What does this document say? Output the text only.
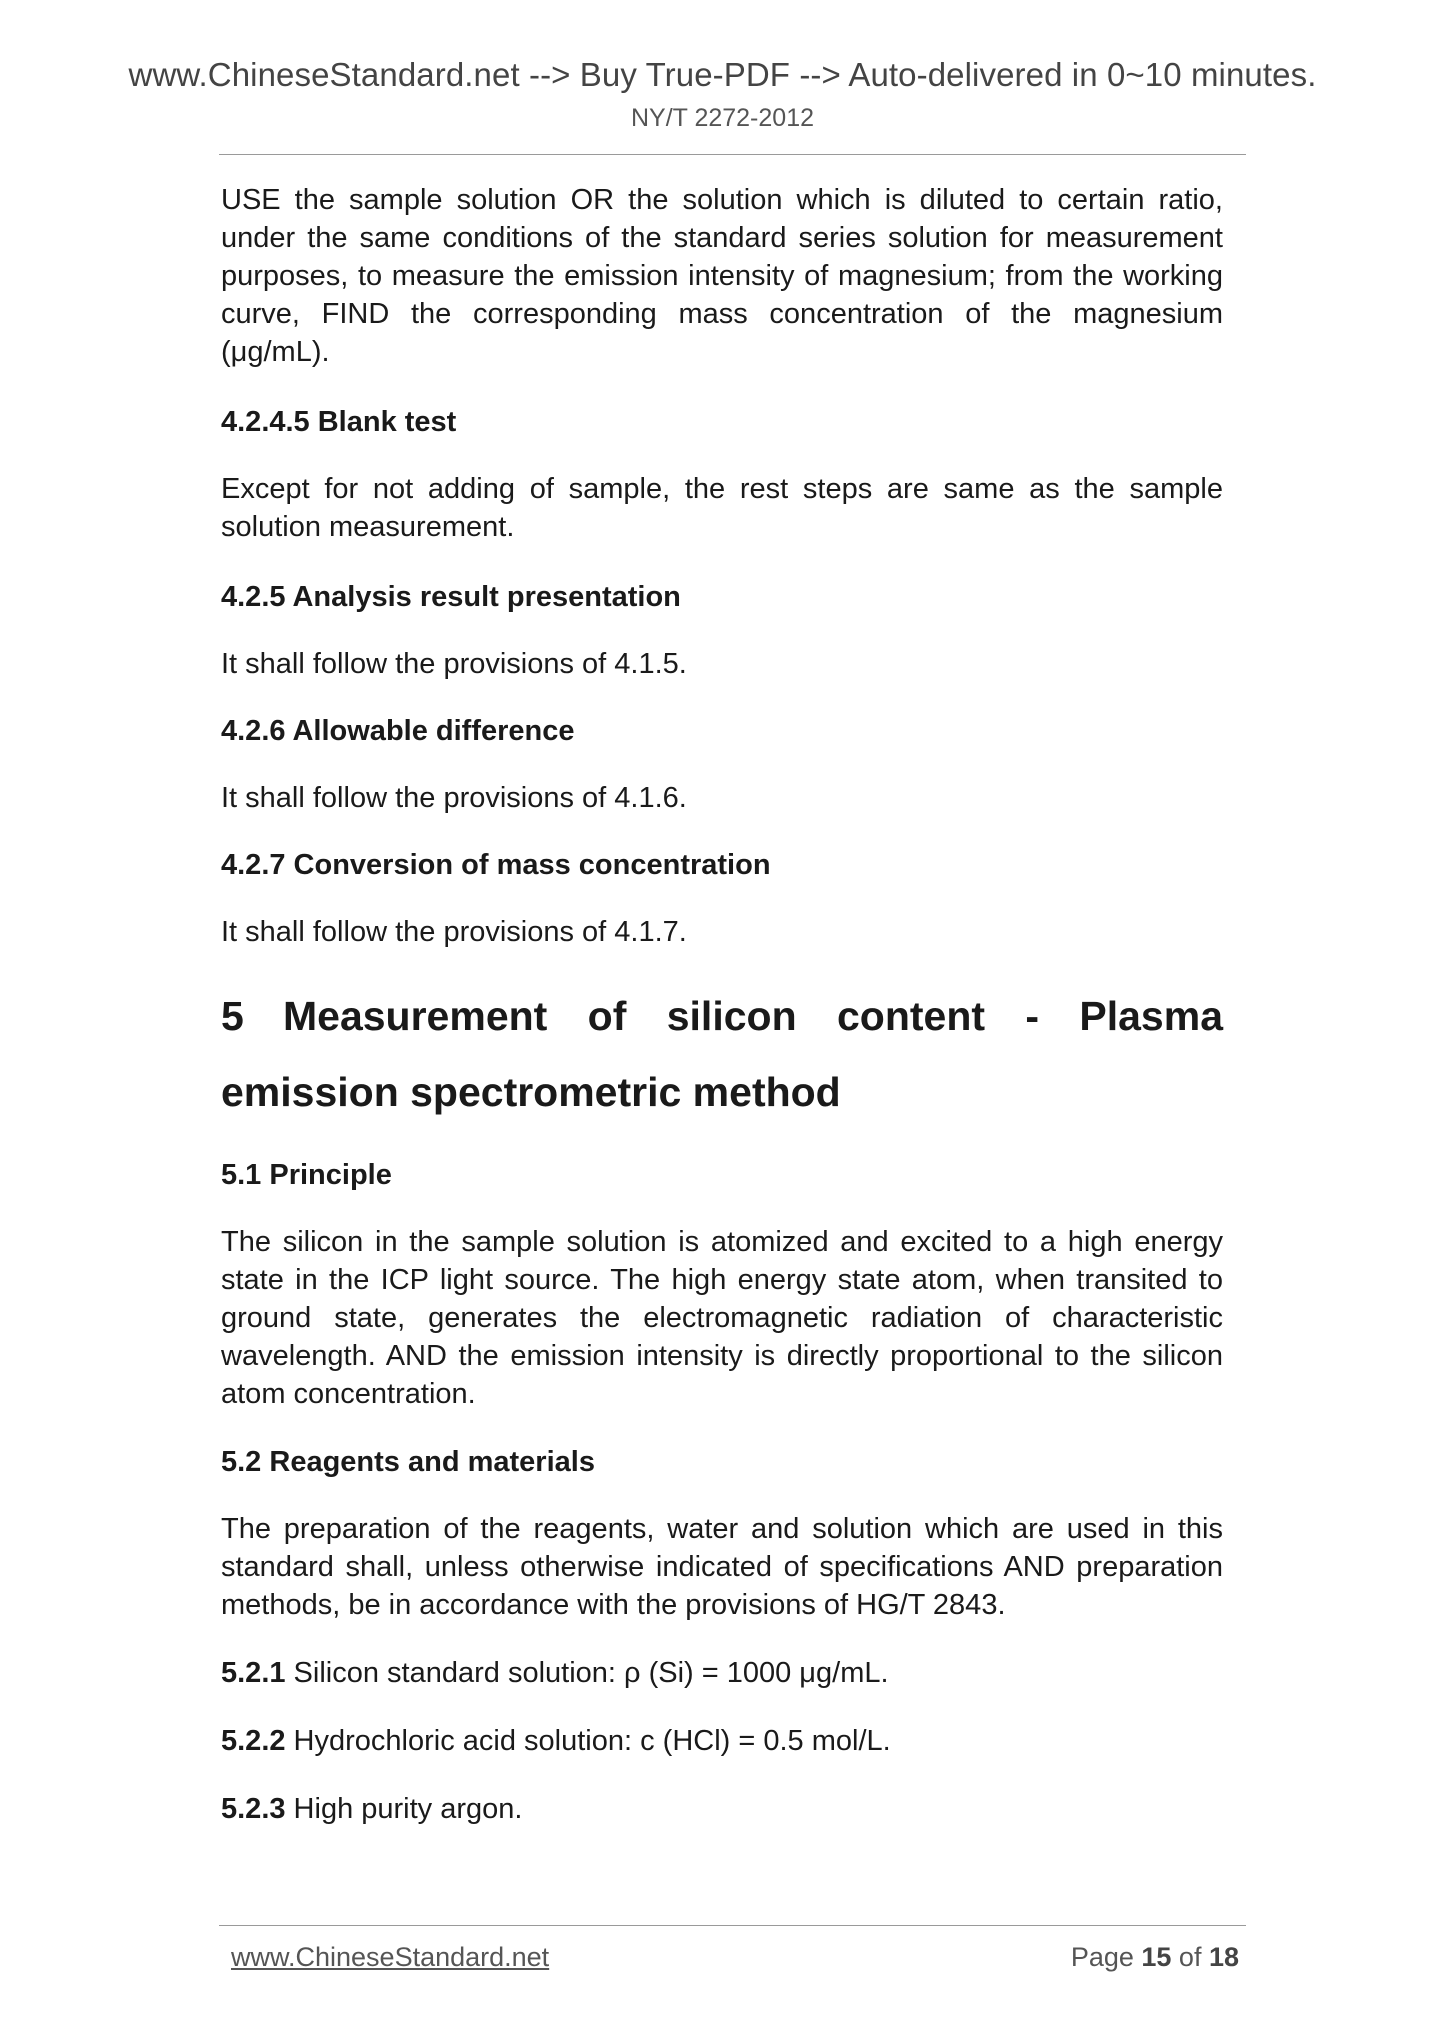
www.ChineseStandard.net --> Buy True-PDF --> Auto-delivered in 0~10 minutes.
NY/T 2272-2012

USE the sample solution OR the solution which is diluted to certain ratio, under the same conditions of the standard series solution for measurement purposes, to measure the emission intensity of magnesium; from the working curve, FIND the corresponding mass concentration of the magnesium (μg/mL).

4.2.4.5 Blank test

Except for not adding of sample, the rest steps are same as the sample solution measurement.

4.2.5 Analysis result presentation

It shall follow the provisions of 4.1.5.

4.2.6 Allowable difference

It shall follow the provisions of 4.1.6.

4.2.7 Conversion of mass concentration

It shall follow the provisions of 4.1.7.

5 Measurement of silicon content - Plasma emission spectrometric method
5.1 Principle

The silicon in the sample solution is atomized and excited to a high energy state in the ICP light source. The high energy state atom, when transited to ground state, generates the electromagnetic radiation of characteristic wavelength. AND the emission intensity is directly proportional to the silicon atom concentration.

5.2 Reagents and materials

The preparation of the reagents, water and solution which are used in this standard shall, unless otherwise indicated of specifications AND preparation methods, be in accordance with the provisions of HG/T 2843.

5.2.1 Silicon standard solution: ρ (Si) = 1000 μg/mL.

5.2.2 Hydrochloric acid solution: c (HCl) = 0.5 mol/L.

5.2.3 High purity argon.

www.ChineseStandard.net	Page 15 of 18
